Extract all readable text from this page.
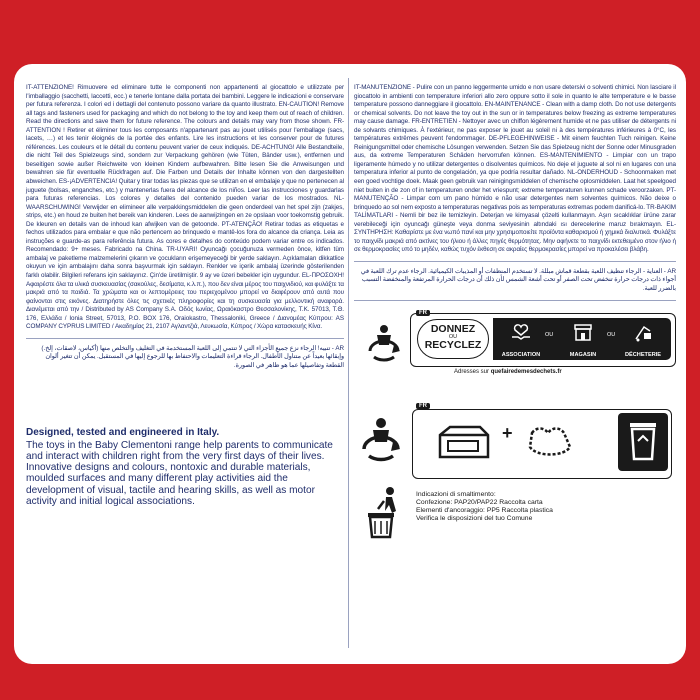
IT-ATTENZIONE! Rimuovere ed eliminare tutte le componenti non appartenenti al giocattolo e utilizzate per l'imballaggio (sacchetti, laccetti, ecc.) e tenerle lontane dalla portata dei bambini. Leggere le indicazioni e conservare per futura referenza. I colori ed i dettagli del contenuto possono variare da quanto illustrato. EN-CAUTION! Remove all tags and fasteners used for packaging and which do not belong to the toy and keep them out of reach of children. Read the directions and save them for future reference. The colours and details may vary from those shown. FR-ATTENTION ! Retirer et éliminer tous les composants n'appartenant pas au jouet utilisés pour l'emballage (sacs, lacets, …) et les tenir éloignés de la portée des enfants. Lire les instructions et les conserver pour de futures références. Les couleurs et le détail du contenu peuvent varier de ceux indiqués. DE-ACHTUNG! Alle Bestandteile, die nicht Teil des Spielzeugs sind, sondern zur Verpackung gehören (wie Tüten, Bänder usw.), entfernen und beseitigen sowie außer Reichweite von kleinen Kindern aufbewahren. Bitte lesen Sie die Anweisungen und bewahren sie für eventuelle Rückfragen auf. Die Farben und Details der Inhalte können von den dargestellten abweichen. ES-¡ADVERTENCIA! Quitar y tirar todas las piezas que se utilizan en el embalaje y que no pertenecen al juguete (bolsas, enganches, etc.) y mantenerlas fuera del alcance de los niños. Leer las instrucciones y guardarlas para futuras referencias. Los colores y detalles del contenido pueden variar de los mostrados. NL-WAARSCHUWING! Verwijder en elimineer alle verpakkingsmiddelen die geen onderdeel van het spel zijn (zakjes, strips, etc.) en houd ze buiten het bereik van kinderen. Lees de aanwijzingen en ze opslaan voor toekomstig gebruik. De kleuren en details van de inhoud kan afwijken van de getoonde. PT-ATENÇÃO! Retirar todas as etiquetas e fechos utilizados para embalar e que não pertencem ao brinquedo e mantê-los fora do alcance da criança. Leia as instruções e guarde-as para referência futura. As cores e detalhes do conteúdo podem variar entre os indicados. Recomendado: 9+ meses. Fabricado na China. TR-UYARI! Oyuncağı çocuğunuza vermeden önce, kitfen tüm ambalaj ve paketleme malzemelerini çıkarın ve çocukların erişemeyeceği bir yerde saklayın. Açıklamaları dikkatlice okuyun ve için ambalajını daha sonra başvurmak için saklayın. Renkler ve içerik ambalaj üzerinde gösterilenden farklı olabilir. Bilgileri referans için saklayınız. Çin'de üretilmiştir. 9 ay ve üzeri bebekler için uygundur. EL-ΠΡΟΣΟΧΗ! Αφαιρέστε όλα τα υλικά συσκευασίας (σακούλες, δεσίματα, κ.λ.π.), που δεν είναι μέρος του παιχνιδιού, και φυλάξτε τα μακριά από τα παιδιά. Τα χρώματα και οι λεπτομέρειες του περιεχομένου μπορεί να διαφέρουν από αυτά που φαίνονται στις εικόνες. Διατηρήστε όλες τις σχετικές πληροφορίες και τη συσκευασία για μελλοντική αναφορά. Διανέμεται από την / Distributed by AS Company S.A. Οδός Ιωνίας, Ωραιόκαστρο Θεσσαλονίκης, Τ.Κ. 57013, Τ.Θ. 176, Ελλάδα / Ionia Street, 57013, P.O. BOX 176, Oraiokastro, Thessaloniki, Greece / Διανομέας Κύπρου: AS COMPANY CYPRUS LIMITED / Ακαδημίας 21, 2107 Αγλαντζιά, Λευκωσία, Κύπρος / Χώρα κατασκευής Κίνα.

AR - تنبيه! الرجاء نزع جميع الأجزاء التي لا تنتمي إلى اللعبة المستخدمة في التغليف والتخلص منها (أكياس، لاصقات، إلخ.) وإبقائها بعيداً عن متناول الأطفال. الرجاء قراءة التعليمات والاحتفاظ بها للرجوع إليها في المستقبل. يمكن أن تتغير ألوان القطعة وتفاصيلها عما هو ظاهر في الصورة.

Designed, tested and engineered in Italy.

The toys in the Baby Clementoni range help parents to communicate and interact with children right from the very first days of their lives. Innovative designs and colours, nontoxic and durable materials, moulded surfaces and many different play activities aid the development of visual, tactile and hearing skills, as well as motor activity and initial logical associations.

IT-MANUTENZIONE - Pulire con un panno leggermente umido e non usare detersivi o solventi chimici. Non lasciare il giocattolo in ambienti con temperature inferiori allo zero oppure sotto il sole in quanto le alte temperature e le basse temperature possono danneggiare il giocattolo. EN-MAINTENANCE - Clean with a damp cloth. Do not use detergents or chemical solvents. Do not leave the toy out in the sun or in temperatures below freezing as extreme temperatures may cause damage. FR-ENTRETIEN - Nettoyer avec un chiffon légèrement humide et ne pas utiliser de détergents ni de solvants chimiques. À l'extérieur, ne pas exposer le jouet au soleil ni à des températures inférieures à 0°C, les températures extrêmes peuvent l'endommager. DE-PFLEGEHINWEISE - Mit einem feuchten Tuch reinigen. Keine Reinigungsmittel oder chemische Lösungen verwenden. Setzen Sie das Spielzeug nicht der Sonne oder Minusgraden aus, da extreme Temperaturen Schäden hervorrufen können. ES-MANTENIMIENTO - Limpiar con un trapo ligeramente húmedo y no utilizar detergentes o disolventes químicos. No deje el juguete al sol ni en lugares con una temperatura inferior al punto de congelación, ya que podría resultar dañado. NL-ONDERHOUD - Schoonmaken met een goed vochtige doek. Maak geen gebruik van reinigingsmiddelen of chemische oplosmiddelen. Laat het speelgoed niet buiten in de zon of in temperaturen onder het vriespunt; extreme temperaturen kunnen schade veroorzaken. PT-MANUTENÇÃO - Limpar com um pano húmido e não usar detergentes nem solventes químicos. Não deixe o brinquedo ao sol nem exposto a temperaturas negativas pois as temperaturas extremas podem danificá-lo. TR-BAKIM TALİMATLARI - Nemli bir bez ile temizleyin. Deterjan ve kimyasal çözelti kullanmayın. Aşırı sıcaklıklar ürüne zarar verebileceği için oyuncağı güneşte veya donma seviyesinin altındaki ısı derecelerine maruz bırakmayın. EL-ΣΥΝΤΗΡΗΣΗ: Καθαρίστε με ένα νωπό πανί και μην χρησιμοποιείτε προϊόντα καθαρισμού ή χημικά διαλυτικά. Φυλάξτε το παιχνίδι μακριά από ακτίνες του ήλιου ή άλλες πηγές θερμότητας. Μην αφήνετε το παιχνίδι εκτεθειμένο στον ήλιο ή σε θερμοκρασίες υπό το μηδέν, καθώς τυχόν έκθεση σε ακραίες θερμοκρασίες μπορεί να προκαλέσει βλάβη.

AR - العناية - الرجاء تنظيف اللعبة بقطعة قماش مبللة. لا تستخدم المنظفات أو المذيبات الكيميائية. الرجاء عدم ترك اللعبة في أجواء ذات درجات حرارة تنخفض تحت الصفر أو تحت أشعة الشمس لأن ذلك أن درجات الحرارة المرتفعة والمنخفضة التسبب بالضرر للعبة.

FR
DONNEZ
OU
RECYCLEZ
ASSOCIATION
OU
MAGASIN
OU
DÉCHETERIE
Adresses sur quefairedemesdechets.fr
FR
+
Indicazioni di smaltimento:
Confezione: PAP20/PAP22 Raccolta carta
Elementi d'ancoraggio: PP5 Raccolta plastica
Verifica le disposizioni del tuo Comune
